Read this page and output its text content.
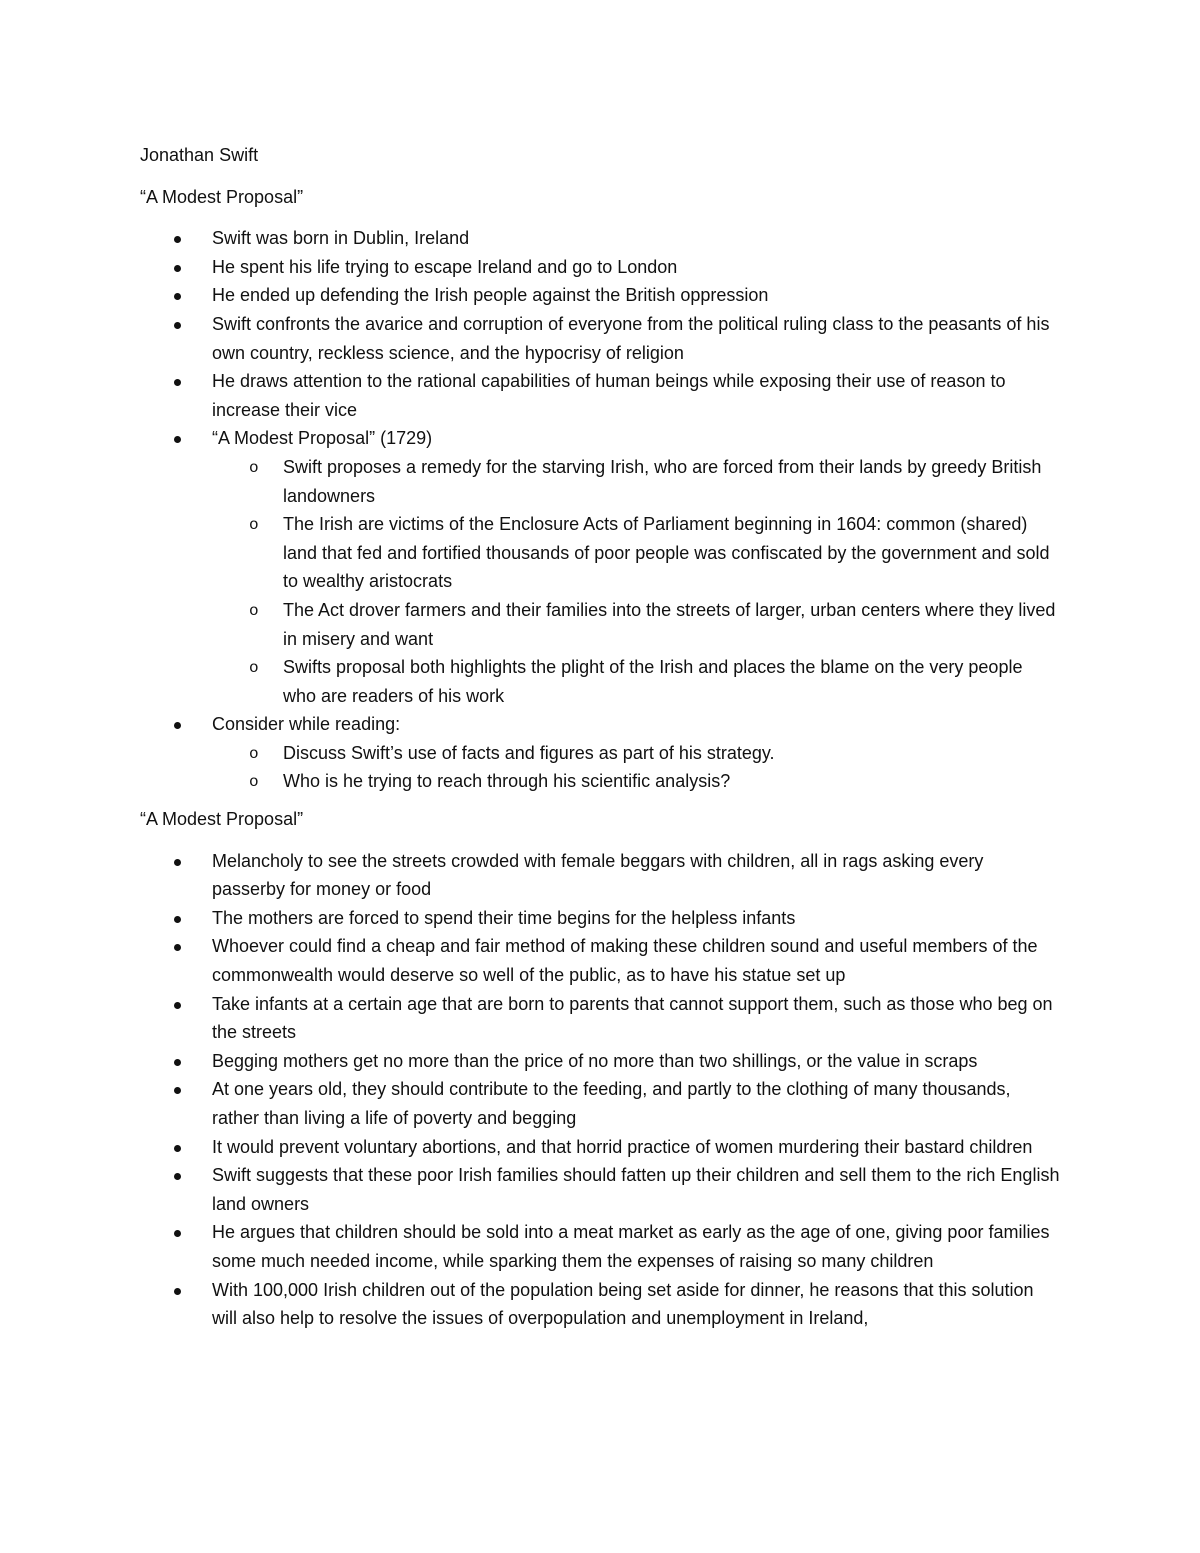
Jonathan Swift
“A Modest Proposal”
Swift was born in Dublin, Ireland
He spent his life trying to escape Ireland and go to London
He ended up defending the Irish people against the British oppression
Swift confronts the avarice and corruption of everyone from the political ruling class to the peasants of his own country, reckless science, and the hypocrisy of religion
He draws attention to the rational capabilities of human beings while exposing their use of reason to increase their vice
“A Modest Proposal” (1729)
o Swift proposes a remedy for the starving Irish, who are forced from their lands by greedy British landowners
o The Irish are victims of the Enclosure Acts of Parliament beginning in 1604: common (shared) land that fed and fortified thousands of poor people was confiscated by the government and sold to wealthy aristocrats
o The Act drover farmers and their families into the streets of larger, urban centers where they lived in misery and want
o Swifts proposal both highlights the plight of the Irish and places the blame on the very people who are readers of his work
Consider while reading:
o Discuss Swift’s use of facts and figures as part of his strategy.
o Who is he trying to reach through his scientific analysis?
“A Modest Proposal”
Melancholy to see the streets crowded with female beggars with children, all in rags asking every passerby for money or food
The mothers are forced to spend their time begins for the helpless infants
Whoever could find a cheap and fair method of making these children sound and useful members of the commonwealth would deserve so well of the public, as to have his statue set up
Take infants at a certain age that are born to parents that cannot support them, such as those who beg on the streets
Begging mothers get no more than the price of no more than two shillings, or the value in scraps
At one years old, they should contribute to the feeding, and partly to the clothing of many thousands, rather than living a life of poverty and begging
It would prevent voluntary abortions, and that horrid practice of women murdering their bastard children
Swift suggests that these poor Irish families should fatten up their children and sell them to the rich English land owners
He argues that children should be sold into a meat market as early as the age of one, giving poor families some much needed income, while sparking them the expenses of raising so many children
With 100,000 Irish children out of the population being set aside for dinner, he reasons that this solution will also help to resolve the issues of overpopulation and unemployment in Ireland,
